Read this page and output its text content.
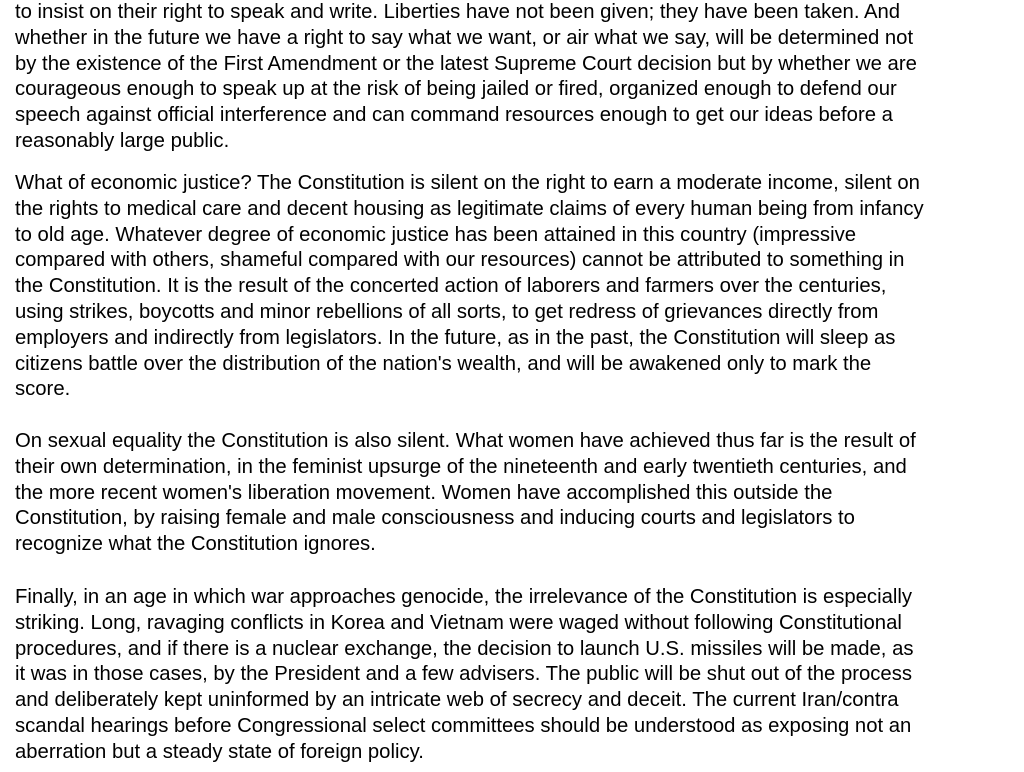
to insist on their right to speak and write. Liberties have not been given; they have been taken. And
whether in the future we have a right to say what we want, or air what we say, will be determined not
by the existence of the First Amendment or the latest Supreme Court decision but by whether we are
courageous enough to speak up at the risk of being jailed or fired, organized enough to defend our
speech against official interference and can command resources enough to get our ideas before a
reasonably large public.

What of economic justice? The Constitution is silent on the right to earn a moderate income, silent on
the rights to medical care and decent housing as legitimate claims of every human being from infancy
to old age. Whatever degree of economic justice has been attained in this country (impressive
compared with others, shameful compared with our resources) cannot be attributed to something in
the Constitution. It is the result of the concerted action of laborers and farmers over the centuries,
using strikes, boycotts and minor rebellions of all sorts, to get redress of grievances directly from
employers and indirectly from legislators. In the future, as in the past, the Constitution will sleep as
citizens battle over the distribution of the nation's wealth, and will be awakened only to mark the
score.

On sexual equality the Constitution is also silent. What women have achieved thus far is the result of
their own determination, in the feminist upsurge of the nineteenth and early twentieth centuries, and
the more recent women's liberation movement. Women have accomplished this outside the
Constitution, by raising female and male consciousness and inducing courts and legislators to
recognize what the Constitution ignores.

Finally, in an age in which war approaches genocide, the irrelevance of the Constitution is especially
striking. Long, ravaging conflicts in Korea and Vietnam were waged without following Constitutional
procedures, and if there is a nuclear exchange, the decision to launch U.S. missiles will be made, as
it was in those cases, by the President and a few advisers. The public will be shut out of the process
and deliberately kept uninformed by an intricate web of secrecy and deceit. The current Iran/contra
scandal hearings before Congressional select committees should be understood as exposing not an
aberration but a steady state of foreign policy.
